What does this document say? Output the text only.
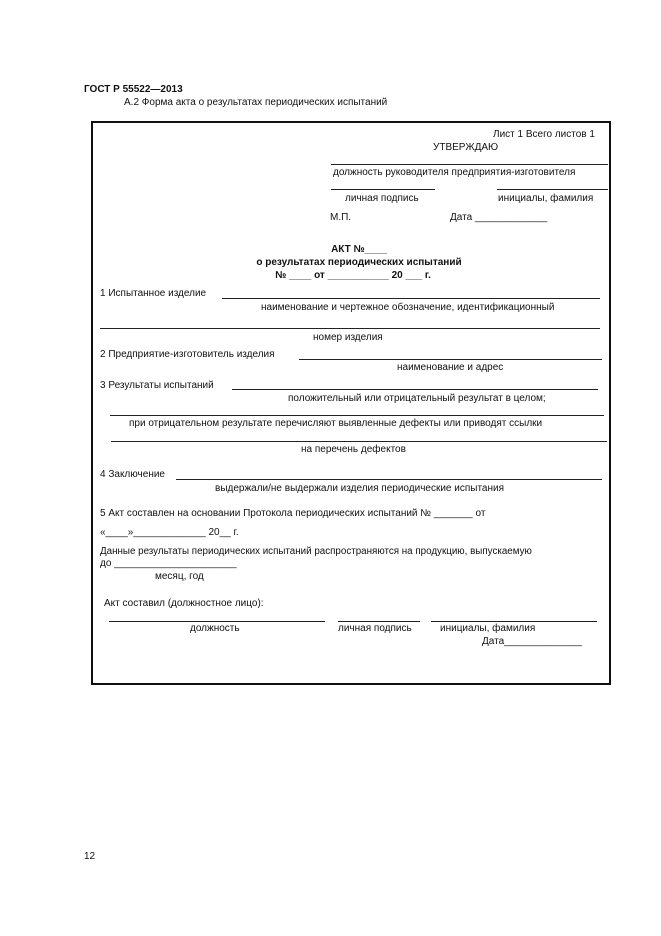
ГОСТ Р 55522—2013
А.2 Форма акта о результатах периодических испытаний
Лист 1 Всего листов 1
УТВЕРЖДАЮ
должность руководителя предприятия-изготовителя
личная подпись	инициалы, фамилия
М.П.	Дата _____________
АКТ №____
о результатах периодических испытаний
№ ____ от ___________ 20 ___ г.
1 Испытанное изделие
наименование и чертежное обозначение, идентификационный
номер изделия
2 Предприятие-изготовитель изделия
наименование и адрес
3 Результаты испытаний
положительный или отрицательный результат в целом;
при отрицательном результате перечисляют выявленные дефекты или приводят ссылки
на перечень дефектов
4 Заключение
выдержали/не выдержали изделия периодические испытания
5 Акт составлен на основании Протокола периодических испытаний № _______ от
«____»_____________ 20__ г.
Данные результаты периодических испытаний распространяются на продукцию, выпускаемую
до ______________________
месяц, год
Акт составил (должностное лицо):
должность	личная подпись	инициалы, фамилия
Дата______________
12
